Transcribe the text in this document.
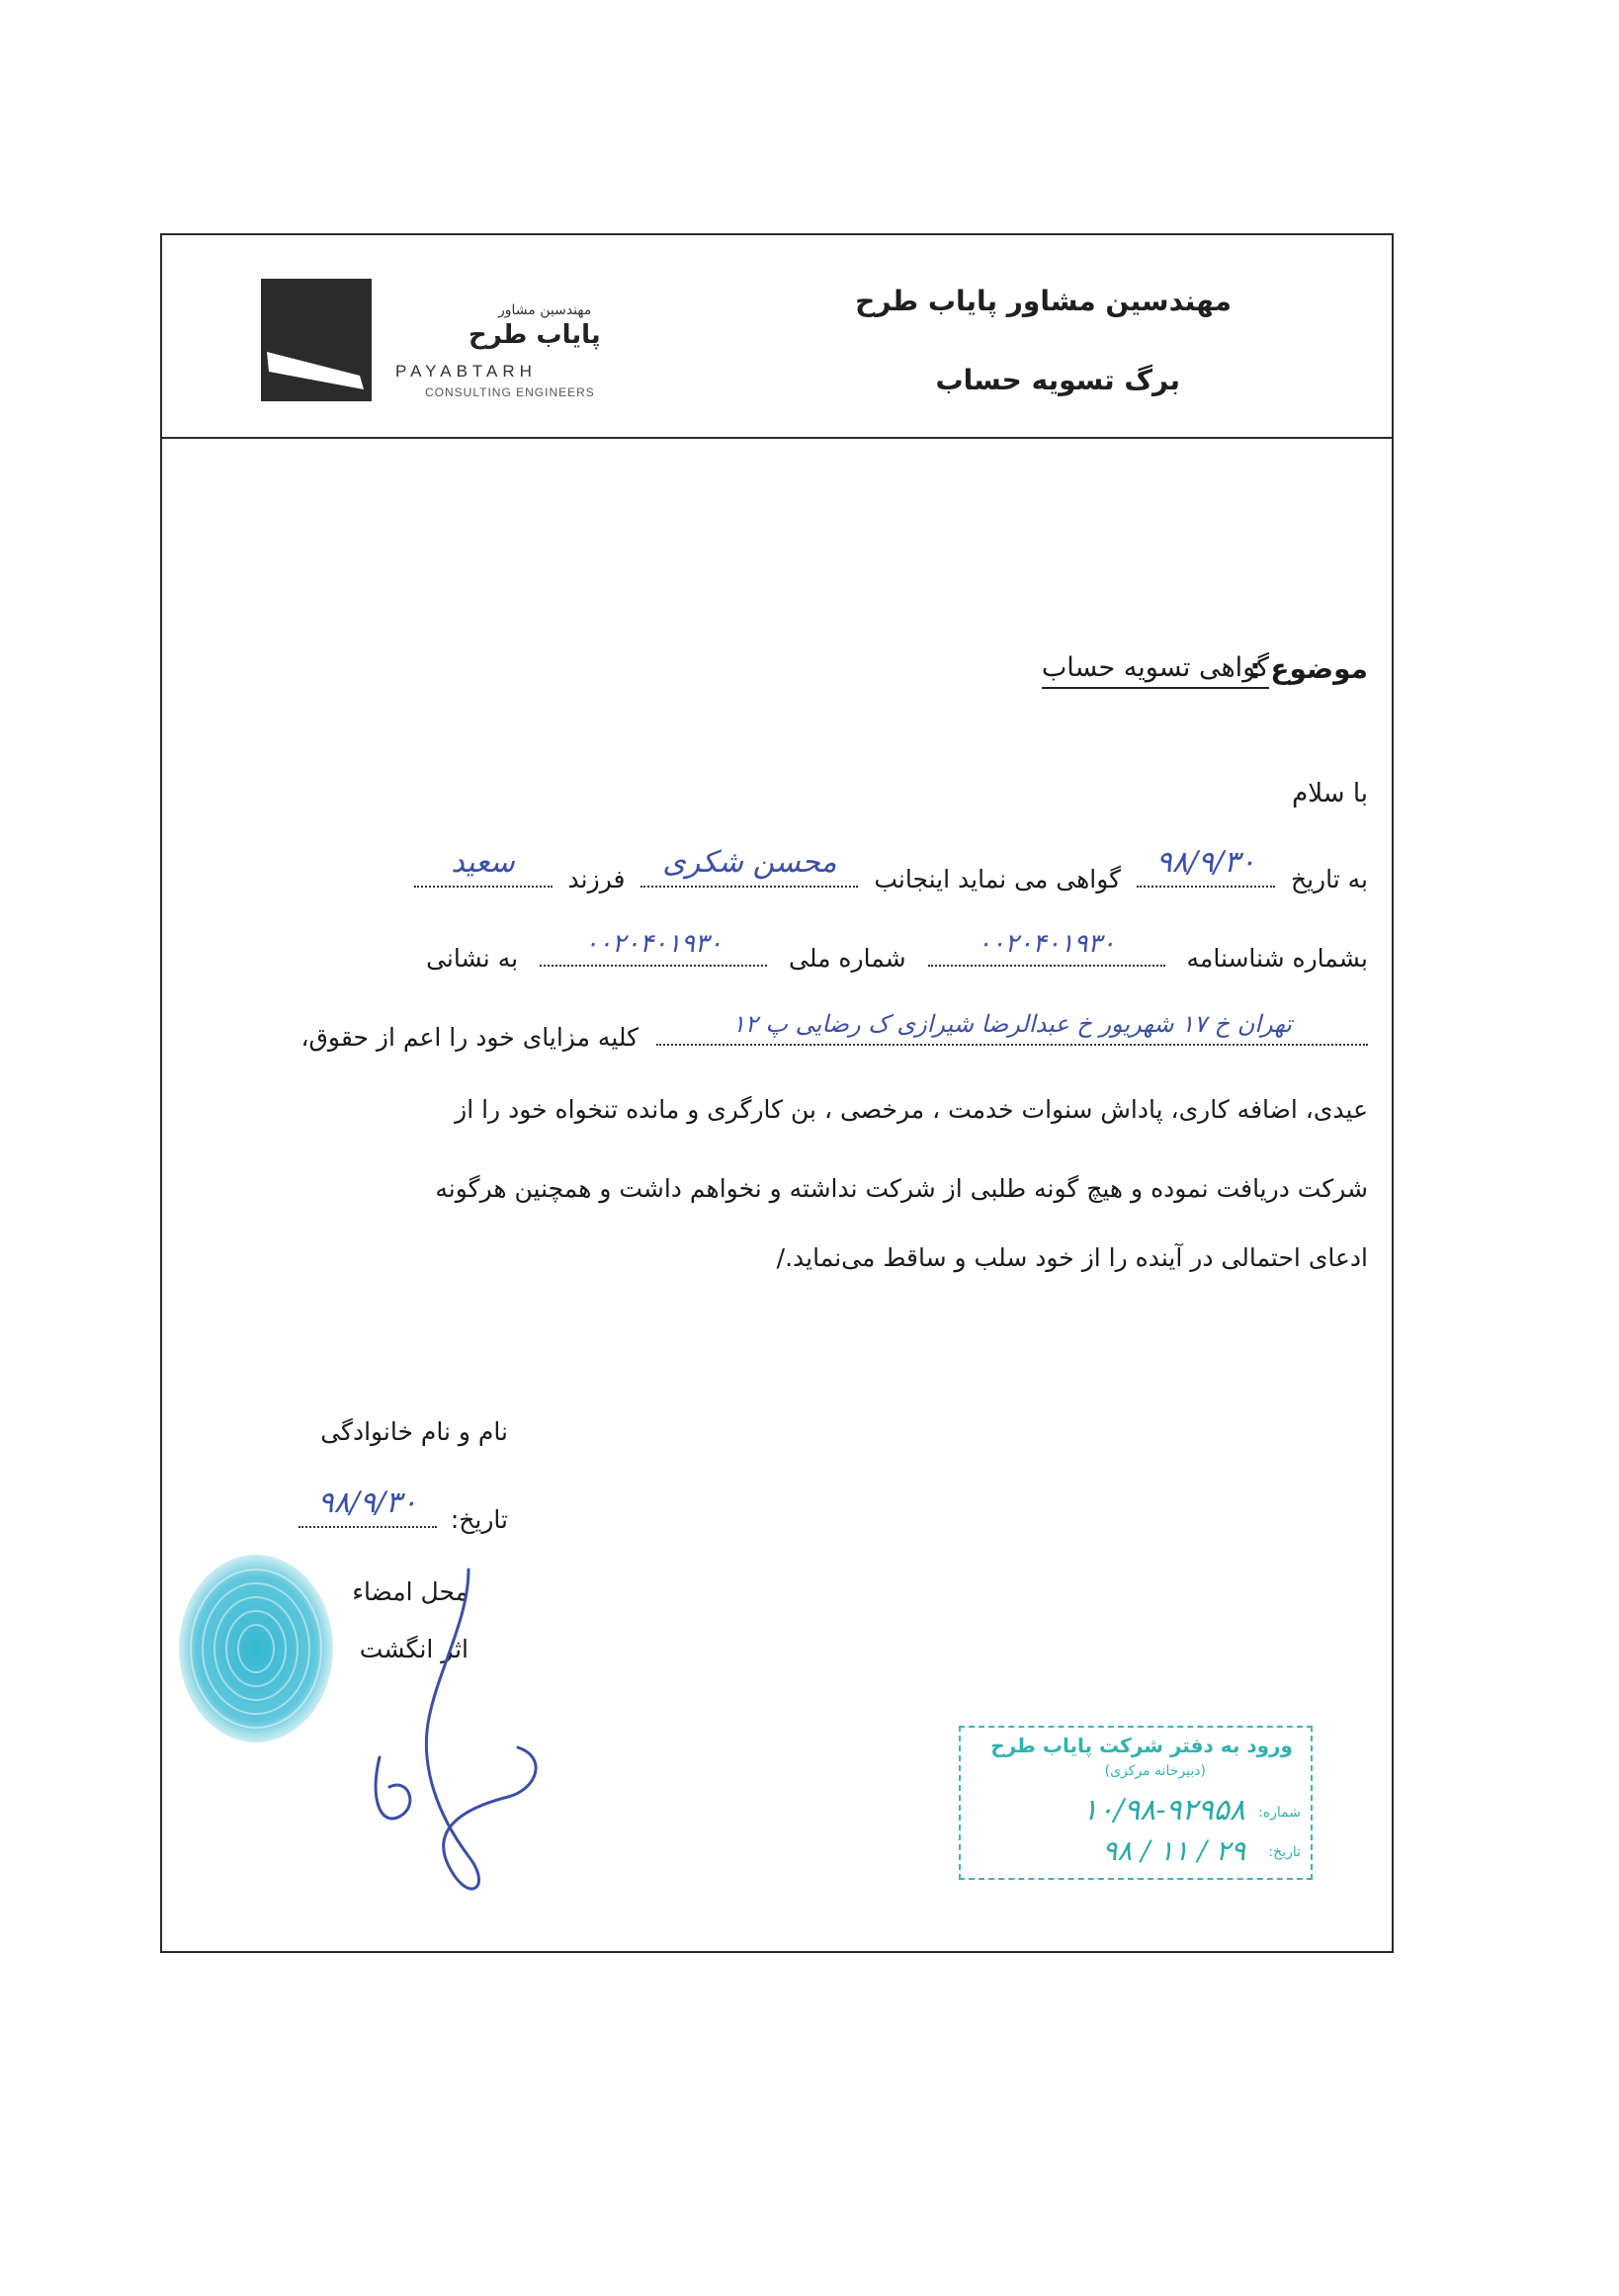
مهندسین مشاور
پایاب طرح
PAYABTARH
CONSULTING ENGINEERS
مهندسین مشاور پایاب طرح
برگ تسویه حساب
موضوع :
گواهی تسویه حساب
با سلام
به تاریخ
۹۸/۹/۳۰
گواهی می نماید اینجانب
محسن شکری
فرزند
سعید
بشماره شناسنامه
۰۰۲۰۴۰۱۹۳۰
شماره ملی
۰۰۲۰۴۰۱۹۳۰
به نشانی
تهران خ ۱۷ شهریور خ عبدالرضا شیرازی ک رضایی پ ۱۲
کلیه مزایای خود را اعم از حقوق،
عیدی، اضافه کاری، پاداش سنوات خدمت ، مرخصی ، بن کارگری و مانده تنخواه خود را از
شرکت دریافت نموده و هیچ گونه طلبی از شرکت نداشته و نخواهم داشت و همچنین هرگونه
ادعای احتمالی در آینده را از خود سلب و ساقط می‌نماید./
نام و نام خانوادگی
تاریخ:
۹۸/۹/۳۰
محل امضاء
اثر انگشت
ورود به دفتر شرکت پایاب طرح
(دبیرخانه مرکزی)
شماره:
۱۰/۹۸-۹۲۹۵۸
تاریخ:
۹۸ / ۱۱ / ۲۹
